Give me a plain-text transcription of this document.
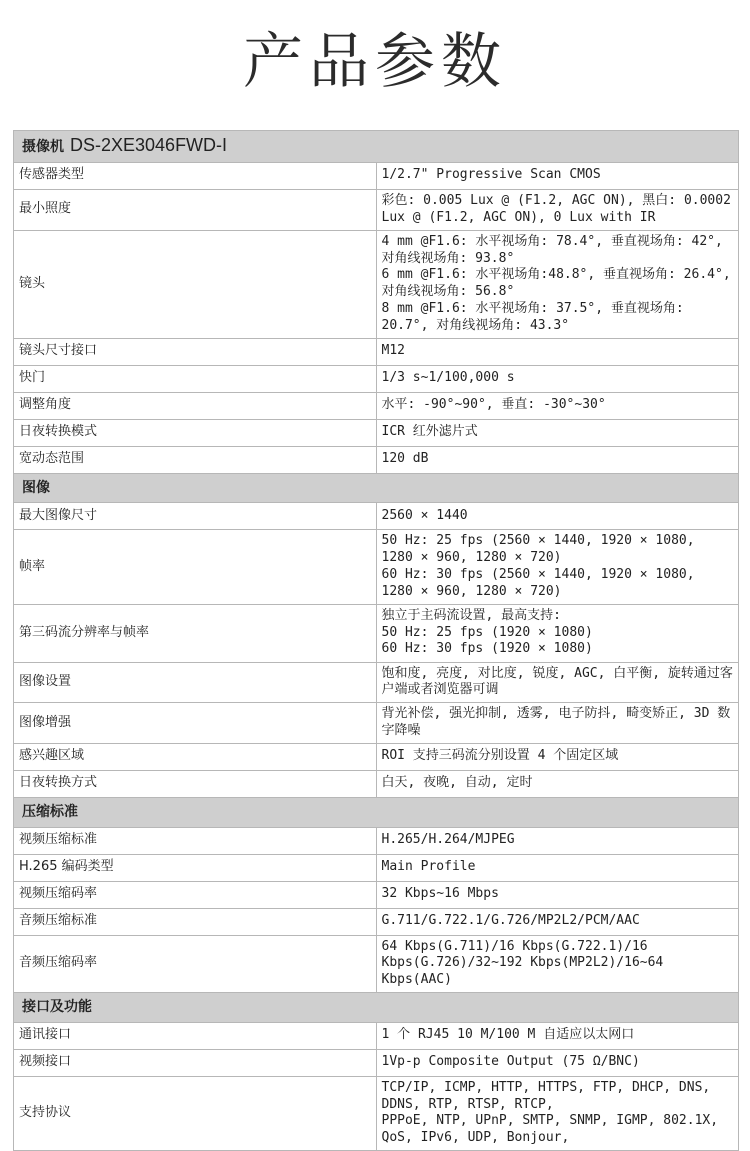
产品参数
摄像机 DS-2XE3046FWD-I	
传感器类型	1/2.7" Progressive Scan CMOS
最小照度	彩色: 0.005 Lux @ (F1.2, AGC ON), 黑白: 0.0002 Lux @ (F1.2, AGC ON), 0 Lux with IR
镜头	4 mm @F1.6: 水平视场角: 78.4°, 垂直视场角: 42°, 对角线视场角: 93.8°
6 mm @F1.6: 水平视场角:48.8°, 垂直视场角: 26.4°, 对角线视场角: 56.8°
8 mm @F1.6: 水平视场角: 37.5°, 垂直视场角: 20.7°, 对角线视场角: 43.3°
镜头尺寸接口	M12
快门	1/3 s~1/100,000 s
调整角度	水平: -90°~90°, 垂直: -30°~30°
日夜转换模式	ICR 红外滤片式
宽动态范围	120 dB
图像	
最大图像尺寸	2560 × 1440
帧率	50 Hz: 25 fps (2560 × 1440, 1920 × 1080, 1280 × 960, 1280 × 720)
60 Hz: 30 fps (2560 × 1440, 1920 × 1080, 1280 × 960, 1280 × 720)
第三码流分辨率与帧率	独立于主码流设置, 最高支持:
50 Hz: 25 fps (1920 × 1080)
60 Hz: 30 fps (1920 × 1080)
图像设置	饱和度, 亮度, 对比度, 锐度, AGC, 白平衡, 旋转通过客户端或者浏览器可调
图像增强	背光补偿, 强光抑制, 透雾, 电子防抖, 畸变矫正, 3D 数字降噪
感兴趣区域	ROI 支持三码流分别设置 4 个固定区域
日夜转换方式	白天, 夜晚, 自动, 定时
压缩标准	
视频压缩标准	H.265/H.264/MJPEG
H.265 编码类型	Main Profile
视频压缩码率	32 Kbps~16 Mbps
音频压缩标准	G.711/G.722.1/G.726/MP2L2/PCM/AAC
音频压缩码率	64 Kbps(G.711)/16 Kbps(G.722.1)/16 Kbps(G.726)/32~192 Kbps(MP2L2)/16~64 Kbps(AAC)
接口及功能	
通讯接口	1 个 RJ45 10 M/100 M 自适应以太网口
视频接口	1Vp-p Composite Output (75 Ω/BNC)
支持协议	TCP/IP, ICMP, HTTP, HTTPS, FTP, DHCP, DNS, DDNS, RTP, RTSP, RTCP,
PPPoE, NTP, UPnP, SMTP, SNMP, IGMP, 802.1X, QoS, IPv6, UDP, Bonjour,
